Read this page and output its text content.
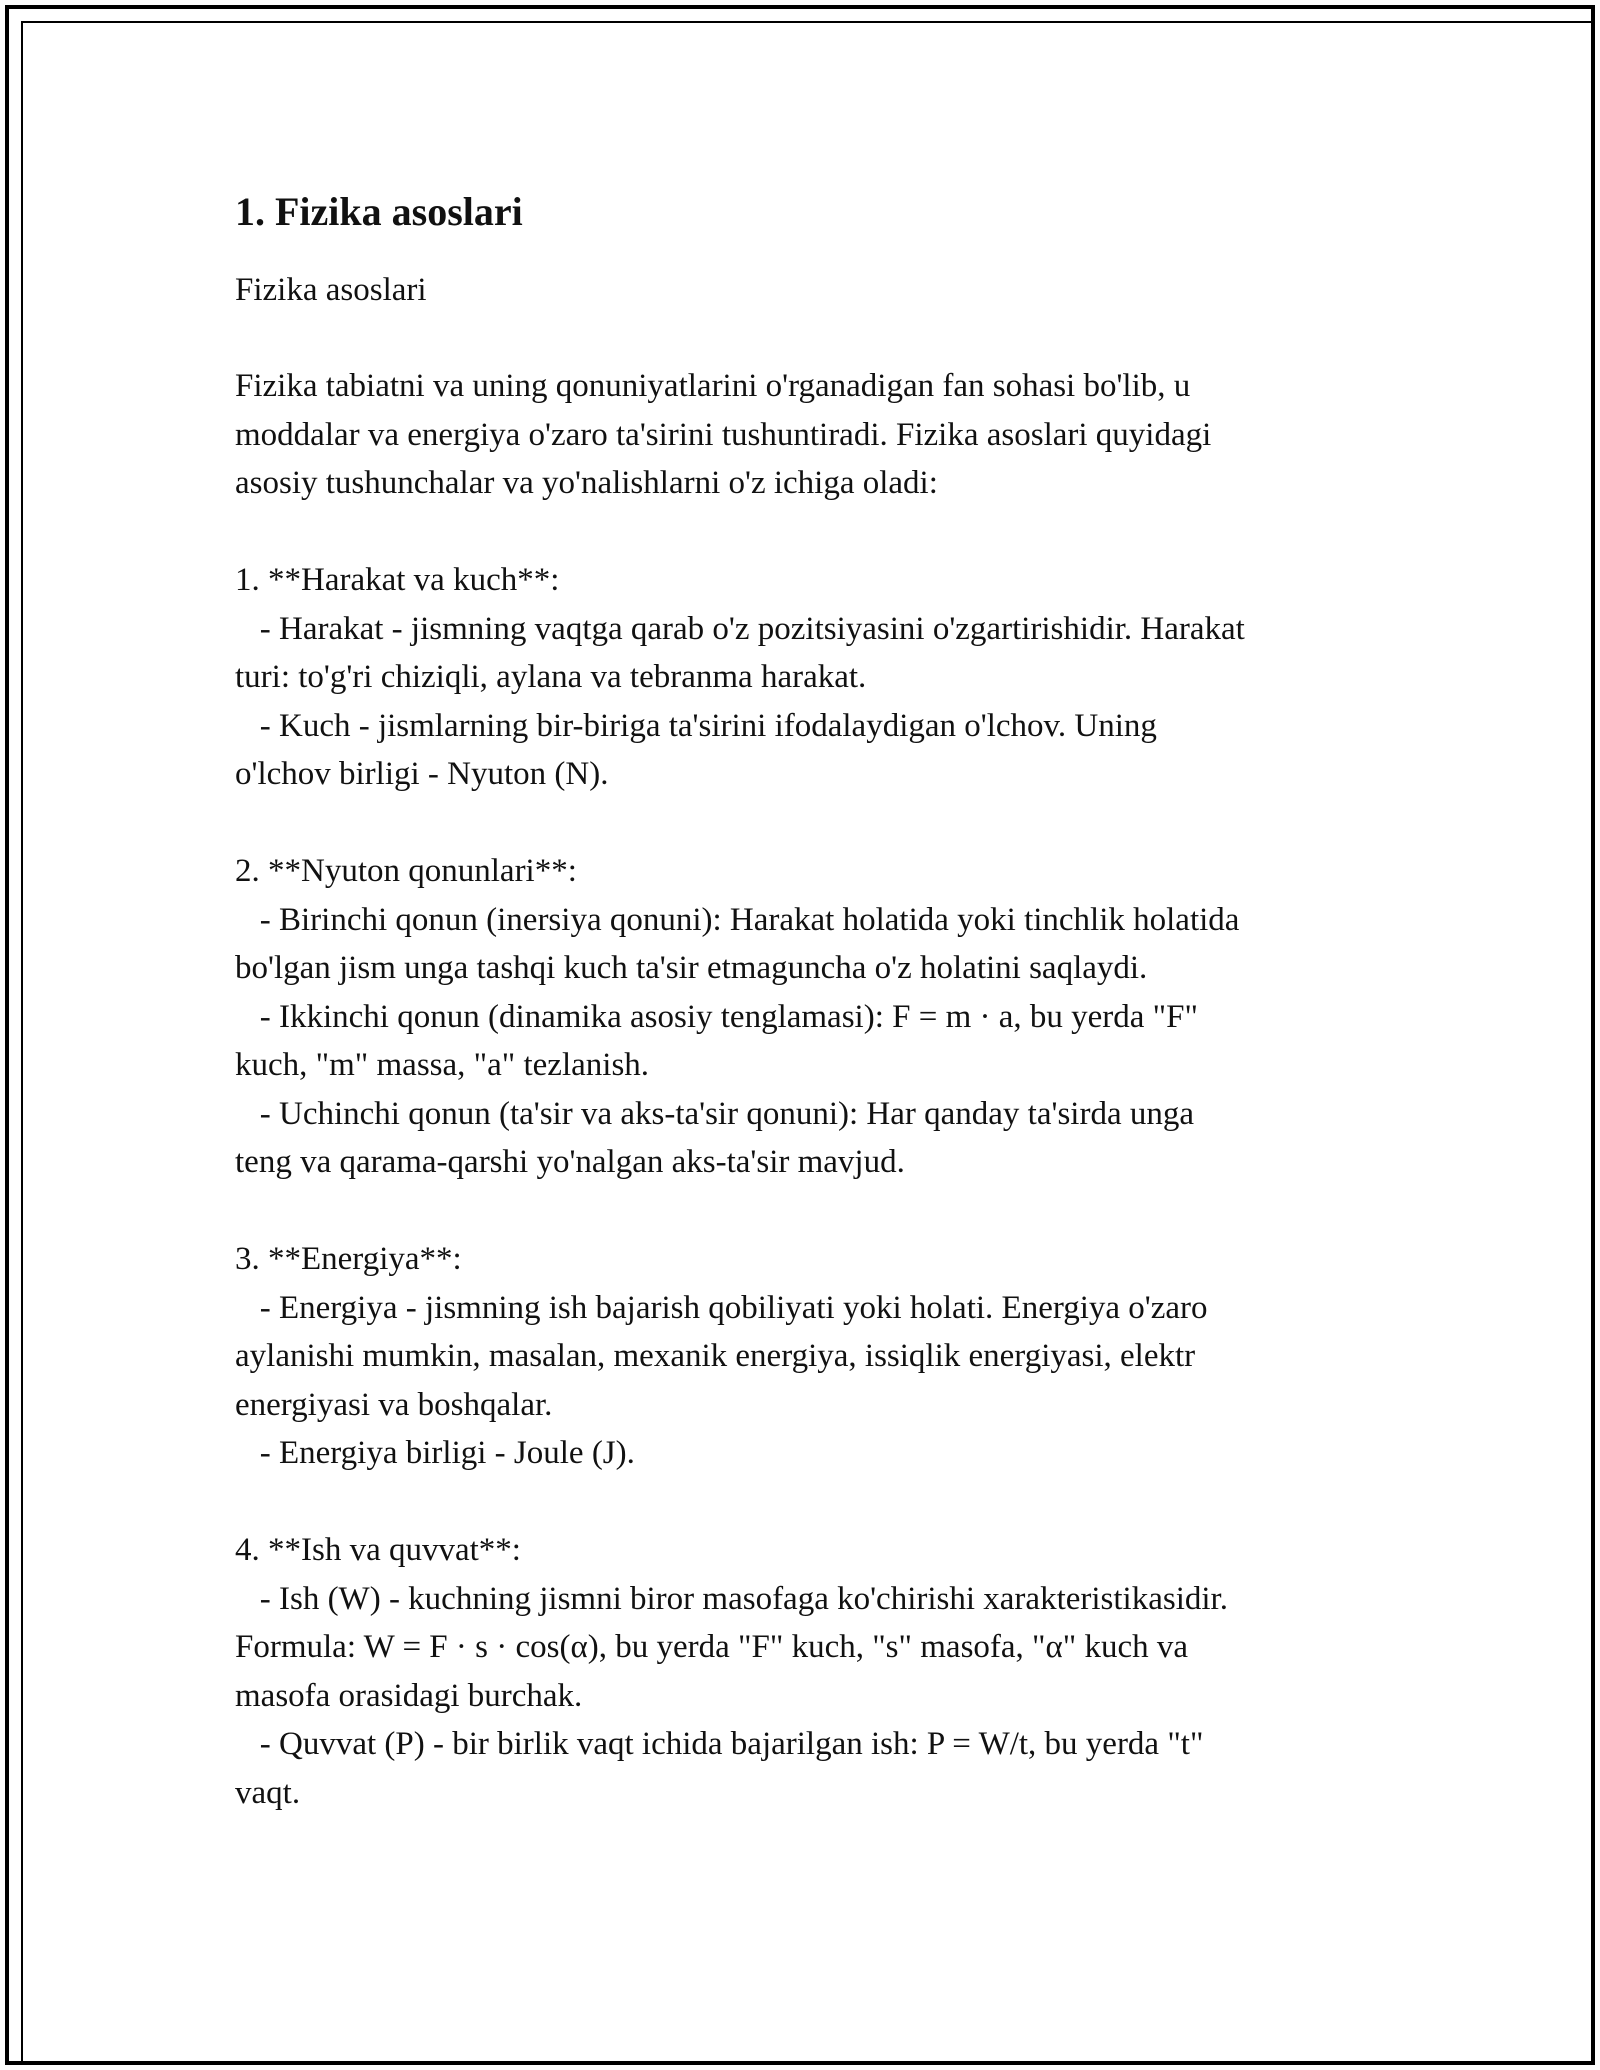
1. Fizika asoslari
Fizika asoslari
Fizika tabiatni va uning qonuniyatlarini o'rganadigan fan sohasi bo'lib, u
moddalar va energiya o'zaro ta'sirini tushuntiradi. Fizika asoslari quyidagi
asosiy tushunchalar va yo'nalishlarni o'z ichiga oladi:

1. **Harakat va kuch**:
- Harakat - jismning vaqtga qarab o'z pozitsiyasini o'zgartirishidir. Harakat
turi: to'g'ri chiziqli, aylana va tebranma harakat.
- Kuch - jismlarning bir-biriga ta'sirini ifodalaydigan o'lchov. Uning
o'lchov birligi - Nyuton (N).

2. **Nyuton qonunlari**:
- Birinchi qonun (inersiya qonuni): Harakat holatida yoki tinchlik holatida
bo'lgan jism unga tashqi kuch ta'sir etmaguncha o'z holatini saqlaydi.
- Ikkinchi qonun (dinamika asosiy tenglamasi): F = m · a, bu yerda "F"
kuch, "m" massa, "a" tezlanish.
- Uchinchi qonun (ta'sir va aks-ta'sir qonuni): Har qanday ta'sirda unga
teng va qarama-qarshi yo'nalgan aks-ta'sir mavjud.

3. **Energiya**:
- Energiya - jismning ish bajarish qobiliyati yoki holati. Energiya o'zaro
aylanishi mumkin, masalan, mexanik energiya, issiqlik energiyasi, elektr
energiyasi va boshqalar.
- Energiya birligi - Joule (J).

4. **Ish va quvvat**:
- Ish (W) - kuchning jismni biror masofaga ko'chirishi xarakteristikasidir.
Formula: W = F · s · cos(α), bu yerda "F" kuch, "s" masofa, "α" kuch va
masofa orasidagi burchak.
- Quvvat (P) - bir birlik vaqt ichida bajarilgan ish: P = W/t, bu yerda "t"
vaqt.
